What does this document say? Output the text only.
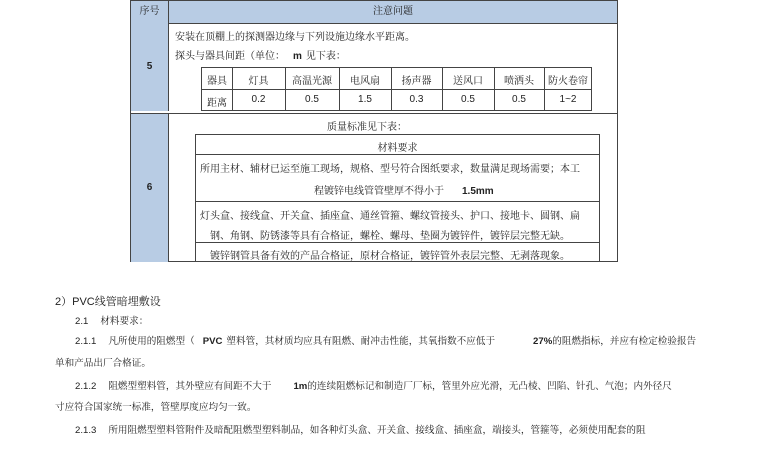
序号	注意问题
5
安装在顶棚上的探测器边缘与下列设施边缘水平距离。
探头与器具间距（单位： m 见下表：
器具	灯具	高温光源	电风扇	扬声器	送风口	喷洒头	防火卷帘
距离	0.2	0.5	1.5	0.3	0.5	0.5	1~2
6
质量标准见下表：
材料要求
所用主材、辅材已运至施工现场，规格、型号符合图纸要求，数量满足现场需要；本工
程镀锌电线管管壁厚不得小于 1.5mm
灯头盒、接线盒、开关盒、插座盒、通丝管箍、螺纹管接头、护口、接地卡、圆钢、扁
钢、角钢、防锈漆等具有合格证，螺栓、螺母、垫圈为镀锌件，镀锌层完整无缺。
镀锌钢管具备有效的产品合格证，原材合格证，镀锌管外表层完整、无剥落现象。
2）PVC线管暗埋敷设
2.1 材料要求：
2.1.1 凡所使用的阻燃型（ PVC 塑料管，其材质均应具有阻燃、耐冲击性能，其氧指数不应低于	27%的阻燃指标，并应有检定检验报告
单和产品出厂合格证。
2.1.2 阻燃型塑料管，其外壁应有间距不大于 1m的连续阻燃标记和制造厂厂标，管里外应光滑，无凸棱、凹陷、针孔、气泡；内外径尺
寸应符合国家统一标准，管壁厚度应均匀一致。
2.1.3 所用阻燃型塑料管附件及暗配阻燃型塑料制品，如各种灯头盒、开关盒、接线盒、插座盒，端接头，管箍等，必须使用配套的阻
